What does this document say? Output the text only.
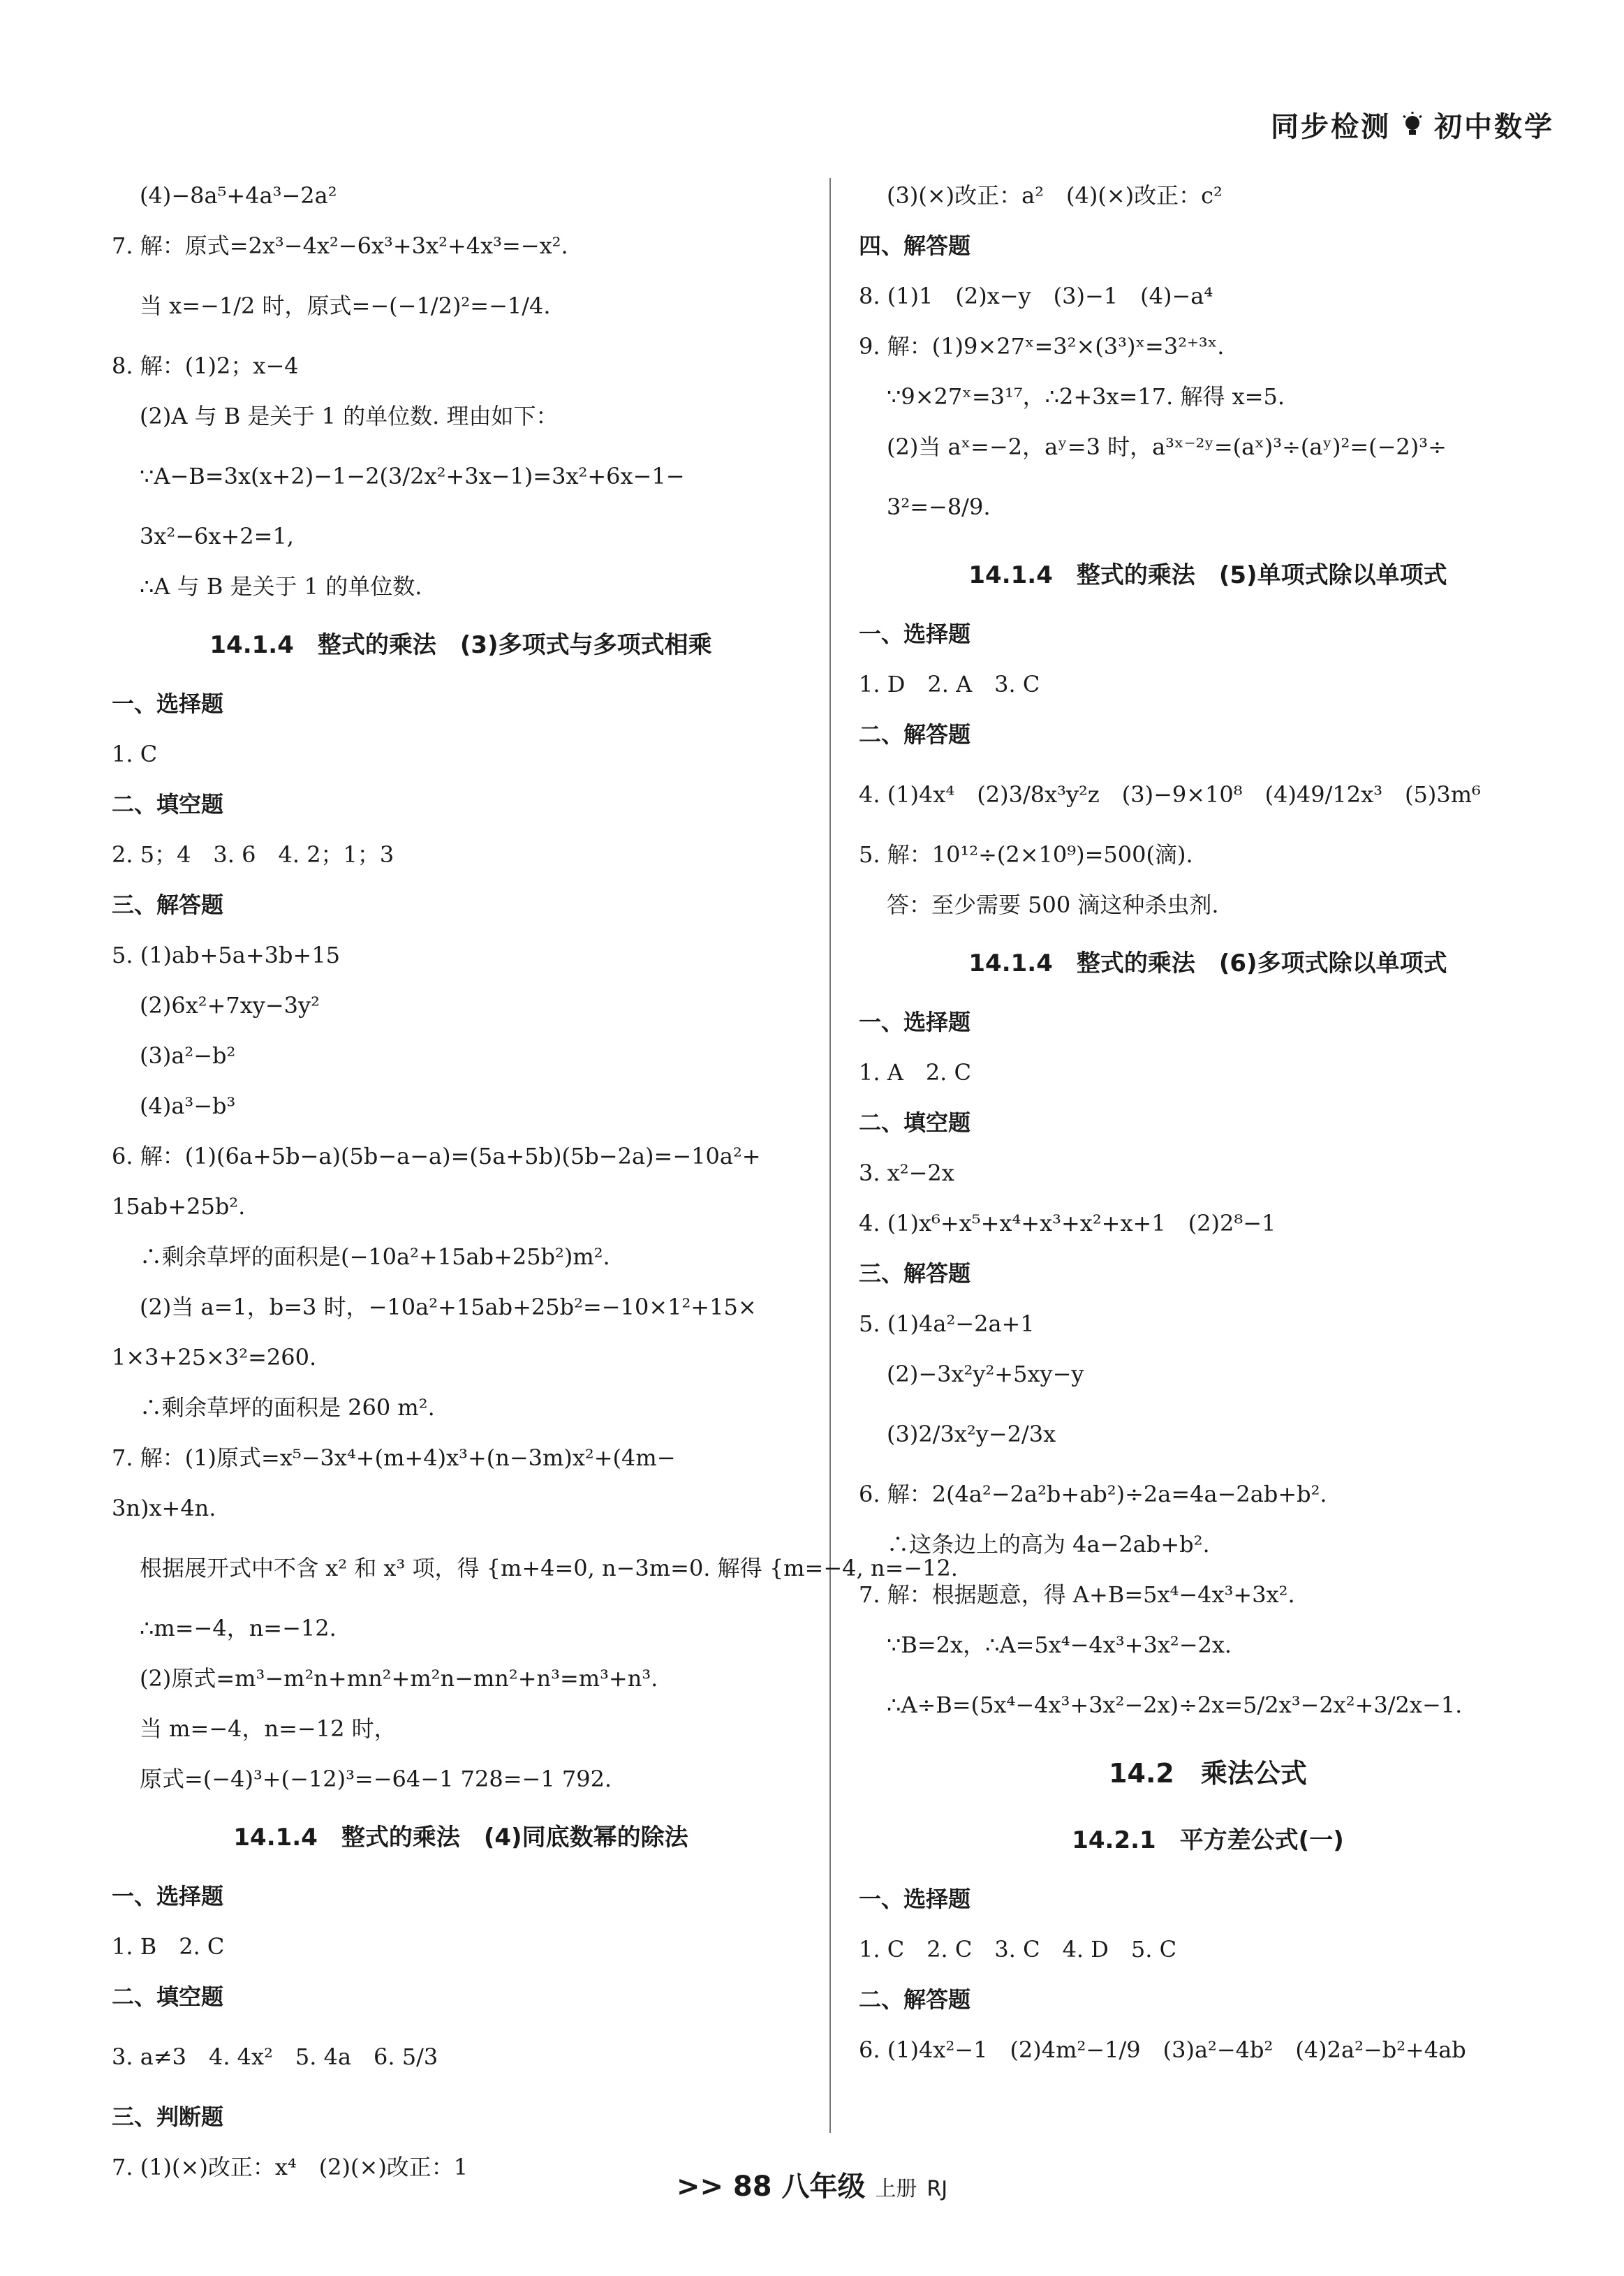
同步检测 初中数学
(4)−8a⁵+4a³−2a²
7. 解：原式=2x³−4x²−6x³+3x²+4x³=−x².
当 x=−1/2 时，原式=−(−1/2)²=−1/4.
8. 解：(1)2；x−4
(2)A 与 B 是关于 1 的单位数. 理由如下：
∵A−B=3x(x+2)−1−2(3/2x²+3x−1)=3x²+6x−1−
3x²−6x+2=1,
∴A 与 B 是关于 1 的单位数.
14.1.4　整式的乘法　(3)多项式与多项式相乘
一、选择题
1. C
二、填空题
2. 5；4　3. 6　4. 2；1；3
三、解答题
5. (1)ab+5a+3b+15
(2)6x²+7xy−3y²
(3)a²−b²
(4)a³−b³
6. 解：(1)(6a+5b−a)(5b−a−a)=(5a+5b)(5b−2a)=−10a²+
15ab+25b².
∴剩余草坪的面积是(−10a²+15ab+25b²)m².
(2)当 a=1，b=3 时，−10a²+15ab+25b²=−10×1²+15×
1×3+25×3²=260.
∴剩余草坪的面积是 260 m².
7. 解：(1)原式=x⁵−3x⁴+(m+4)x³+(n−3m)x²+(4m−
3n)x+4n.
根据展开式中不含 x² 和 x³ 项，得 {m+4=0, n−3m=0. 解得 {m=−4, n=−12.
∴m=−4，n=−12.
(2)原式=m³−m²n+mn²+m²n−mn²+n³=m³+n³.
当 m=−4，n=−12 时，
原式=(−4)³+(−12)³=−64−1 728=−1 792.
14.1.4　整式的乘法　(4)同底数幂的除法
一、选择题
1. B　2. C
二、填空题
3. a≠3　4. 4x²　5. 4a　6. 5/3
三、判断题
7. (1)(×)改正：x⁴　(2)(×)改正：1
(3)(×)改正：a²　(4)(×)改正：c²
四、解答题
8. (1)1　(2)x−y　(3)−1　(4)−a⁴
9. 解：(1)9×27ˣ=3²×(3³)ˣ=3²⁺³ˣ.
∵9×27ˣ=3¹⁷，∴2+3x=17. 解得 x=5.
(2)当 aˣ=−2，aʸ=3 时，a³ˣ⁻²ʸ=(aˣ)³÷(aʸ)²=(−2)³÷
3²=−8/9.
14.1.4　整式的乘法　(5)单项式除以单项式
一、选择题
1. D　2. A　3. C
二、解答题
4. (1)4x⁴　(2)3/8x³y²z　(3)−9×10⁸　(4)49/12x³　(5)3m⁶
5. 解：10¹²÷(2×10⁹)=500(滴).
答：至少需要 500 滴这种杀虫剂.
14.1.4　整式的乘法　(6)多项式除以单项式
一、选择题
1. A　2. C
二、填空题
3. x²−2x
4. (1)x⁶+x⁵+x⁴+x³+x²+x+1　(2)2⁸−1
三、解答题
5. (1)4a²−2a+1
(2)−3x²y²+5xy−y
(3)2/3x²y−2/3x
6. 解：2(4a²−2a²b+ab²)÷2a=4a−2ab+b².
∴这条边上的高为 4a−2ab+b².
7. 解：根据题意，得 A+B=5x⁴−4x³+3x².
∵B=2x，∴A=5x⁴−4x³+3x²−2x.
∴A÷B=(5x⁴−4x³+3x²−2x)÷2x=5/2x³−2x²+3/2x−1.
14.2　乘法公式
14.2.1　平方差公式(一)
一、选择题
1. C　2. C　3. C　4. D　5. C
二、解答题
6. (1)4x²−1　(2)4m²−1/9　(3)a²−4b²　(4)2a²−b²+4ab
>> 88 八年级 上册 RJ
